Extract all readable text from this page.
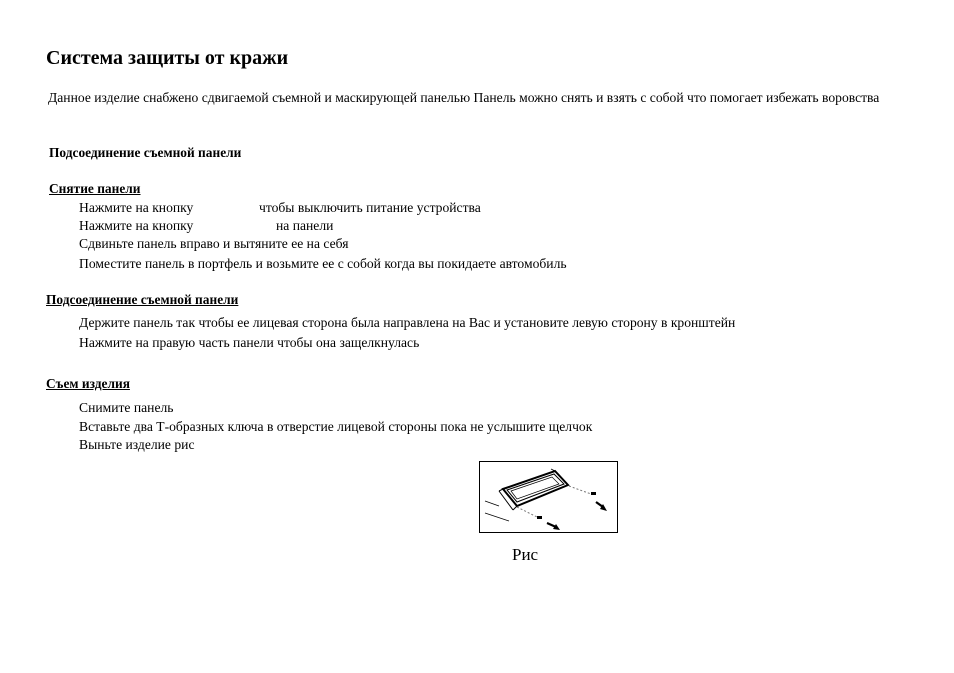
Система защиты от кражи
Данное изделие снабжено сдвигаемой съемной и маскирующей панелью Панель можно снять и взять с собой что помогает избежать воровства
Подсоединение съемной панели
Снятие панели
Нажмите на кнопку	чтобы выключить питание устройства
Нажмите на кнопку	на панели
Сдвиньте панель вправо и вытяните ее на себя
Поместите панель в портфель и возьмите ее с собой когда вы покидаете автомобиль
Подсоединение съемной панели
Держите панель так чтобы ее лицевая сторона была направлена на Вас и установите левую сторону в кронштейн
Нажмите на правую часть панели чтобы она защелкнулась
Съем изделия
Снимите панель
Вставьте два Т-образных ключа в отверстие лицевой стороны пока не услышите щелчок
Выньте изделие рис
Рис
